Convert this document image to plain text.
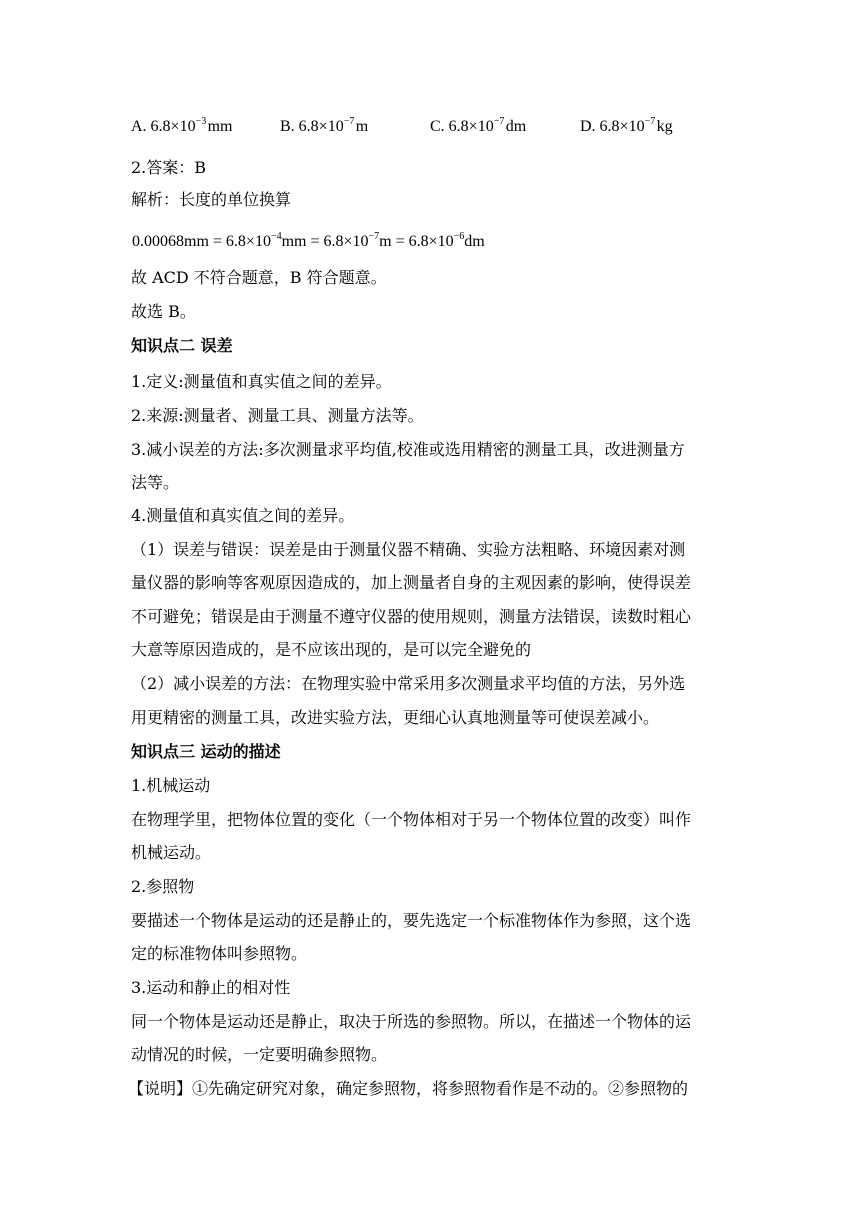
A. $6.8\times 10^{-3}$ mm	B. $6.8\times 10^{-7}$ m	C. $6.8\times 10^{-7}$ dm	D. $6.8\times 10^{-7}$ kg
2.答案：B
解析：长度的单位换算
$0.00068mm = 6.8\times 10^{-4}mm = 6.8\times 10^{-7}m = 6.8\times 10^{-6}dm$
故 ACD 不符合题意，B 符合题意。
故选 B。
知识点二 误差
1.定义:测量值和真实值之间的差异。
2.来源:测量者、测量工具、测量方法等。
3.减小误差的方法:多次测量求平均值,校准或选用精密的测量工具，改进测量方
法等。
4.测量值和真实值之间的差异。
（1）误差与错误：误差是由于测量仪器不精确、实验方法粗略、环境因素对测
量仪器的影响等客观原因造成的，加上测量者自身的主观因素的影响，使得误差
不可避免；错误是由于测量不遵守仪器的使用规则，测量方法错误，读数时粗心
大意等原因造成的，是不应该出现的，是可以完全避免的
（2）减小误差的方法：在物理实验中常采用多次测量求平均值的方法，另外选
用更精密的测量工具，改进实验方法，更细心认真地测量等可使误差减小。
知识点三 运动的描述
1.机械运动
在物理学里，把物体位置的变化（一个物体相对于另一个物体位置的改变）叫作
机械运动。
2.参照物
要描述一个物体是运动的还是静止的，要先选定一个标准物体作为参照，这个选
定的标准物体叫参照物。
3.运动和静止的相对性
同一个物体是运动还是静止，取决于所选的参照物。所以，在描述一个物体的运
动情况的时候，一定要明确参照物。
【说明】①先确定研究对象，确定参照物，将参照物看作是不动的。②参照物的
